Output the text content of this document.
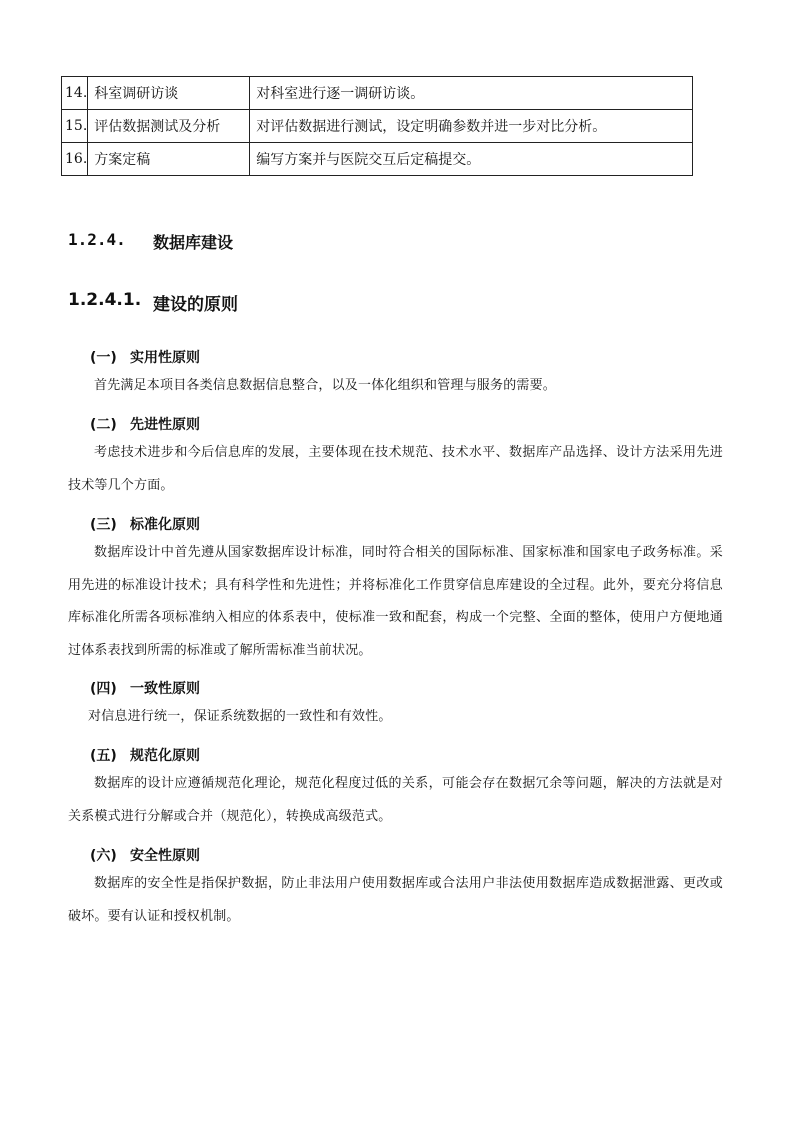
14.	科室调研访谈	对科室进行逐一调研访谈。
15.	评估数据测试及分析	对评估数据进行测试，设定明确参数并进一步对比分析。
16.	方案定稿	编写方案并与医院交互后定稿提交。
1.2.4. 数据库建设
1.2.4.1. 建设的原则
(一) 实用性原则

首先满足本项目各类信息数据信息整合，以及一体化组织和管理与服务的需要。

(二) 先进性原则

考虑技术进步和今后信息库的发展，主要体现在技术规范、技术水平、数据库产品选择、设计方法采用先进技术等几个方面。

(三) 标准化原则

数据库设计中首先遵从国家数据库设计标准，同时符合相关的国际标准、国家标准和国家电子政务标准。采用先进的标准设计技术；具有科学性和先进性；并将标准化工作贯穿信息库建设的全过程。此外，要充分将信息库标准化所需各项标准纳入相应的体系表中，使标准一致和配套，构成一个完整、全面的整体，使用户方便地通过体系表找到所需的标准或了解所需标准当前状况。

(四) 一致性原则

对信息进行统一，保证系统数据的一致性和有效性。

(五) 规范化原则

数据库的设计应遵循规范化理论，规范化程度过低的关系，可能会存在数据冗余等问题，解决的方法就是对关系模式进行分解或合并（规范化），转换成高级范式。

(六) 安全性原则

数据库的安全性是指保护数据，防止非法用户使用数据库或合法用户非法使用数据库造成数据泄露、更改或破坏。要有认证和授权机制。
